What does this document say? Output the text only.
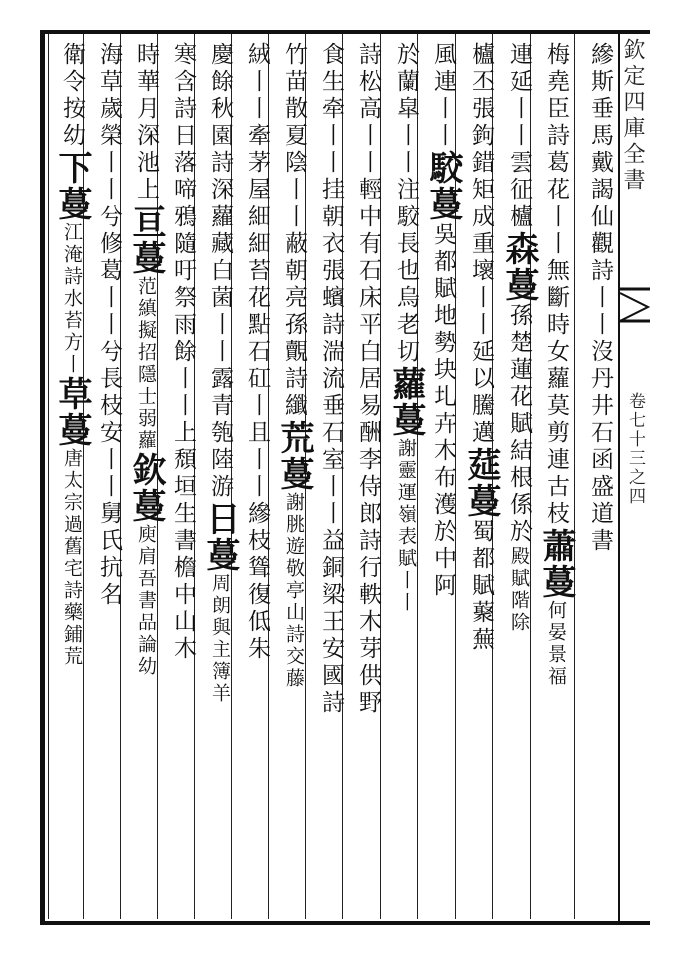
欽定四庫全書
卷七十三之四
縿斯垂馬戴謁仙觀詩丨丨沒丹井石函盛道書
梅堯臣詩葛花丨丨無斷時女蘿莫剪連古枝蕭蔓何晏景福
連延丨丨雲征櫨森蔓孫楚蓮花賦結根係於殿賦階除
櫨丕張鉤錯矩成重壞丨丨延以騰邁莚蔓蜀都賦藂蕪
風連丨丨駮蔓吳都賦地勢块圠卉木布濩於中阿
於蘭皐丨丨注駮長也烏老切蘿蔓謝靈運嶺表賦丨丨
詩松高丨丨輕中有石床平白居易酬李侍郎詩行軼木芽供野
食生牵丨丨挂朝衣張蠙詩湍流垂石室丨丨益銅梁王安國詩
竹苗散夏陰丨丨蔽朝亮孫覿詩纖荒蔓謝朓遊敬亭山詩交藤
絨丨丨牽茅屋細細苔花點石矼丨且丨丨縿枝聳復低朱
慶餘秋園詩深蘿藏白菌丨丨露青匏陸游日蔓周朗與主簿羊
寒含詩日落啼鴉隨吁祭雨餘丨丨上頹垣生書檐中山木
時華月深池上亘蔓范縝擬招隱士弱蘿欽蔓庾肩吾書品論幼
海草歲榮丨丨兮修葛丨丨兮長枝安丨丨舅氏抗名
衛令按幼下蔓江淹詩水苔方丨草蔓唐太宗過舊宅詩藥鋪荒
